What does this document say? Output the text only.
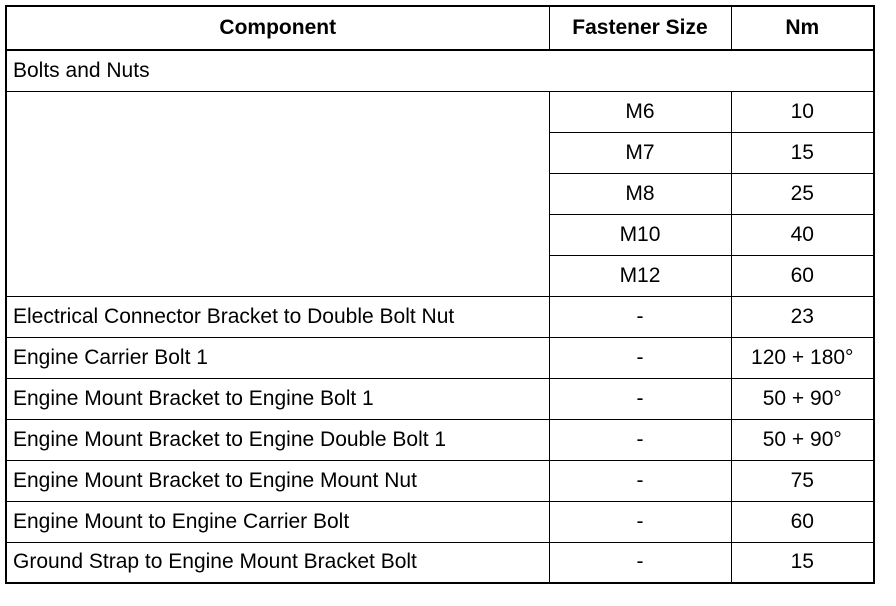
Component	Fastener Size	Nm
Bolts and Nuts		
	M6	10
	M7	15
	M8	25
	M10	40
	M12	60
Electrical Connector Bracket to Double Bolt Nut	-	23
Engine Carrier Bolt 1	-	120 + 180°
Engine Mount Bracket to Engine Bolt 1	-	50 + 90°
Engine Mount Bracket to Engine Double Bolt 1	-	50 + 90°
Engine Mount Bracket to Engine Mount Nut	-	75
Engine Mount to Engine Carrier Bolt	-	60
Ground Strap to Engine Mount Bracket Bolt	-	15
